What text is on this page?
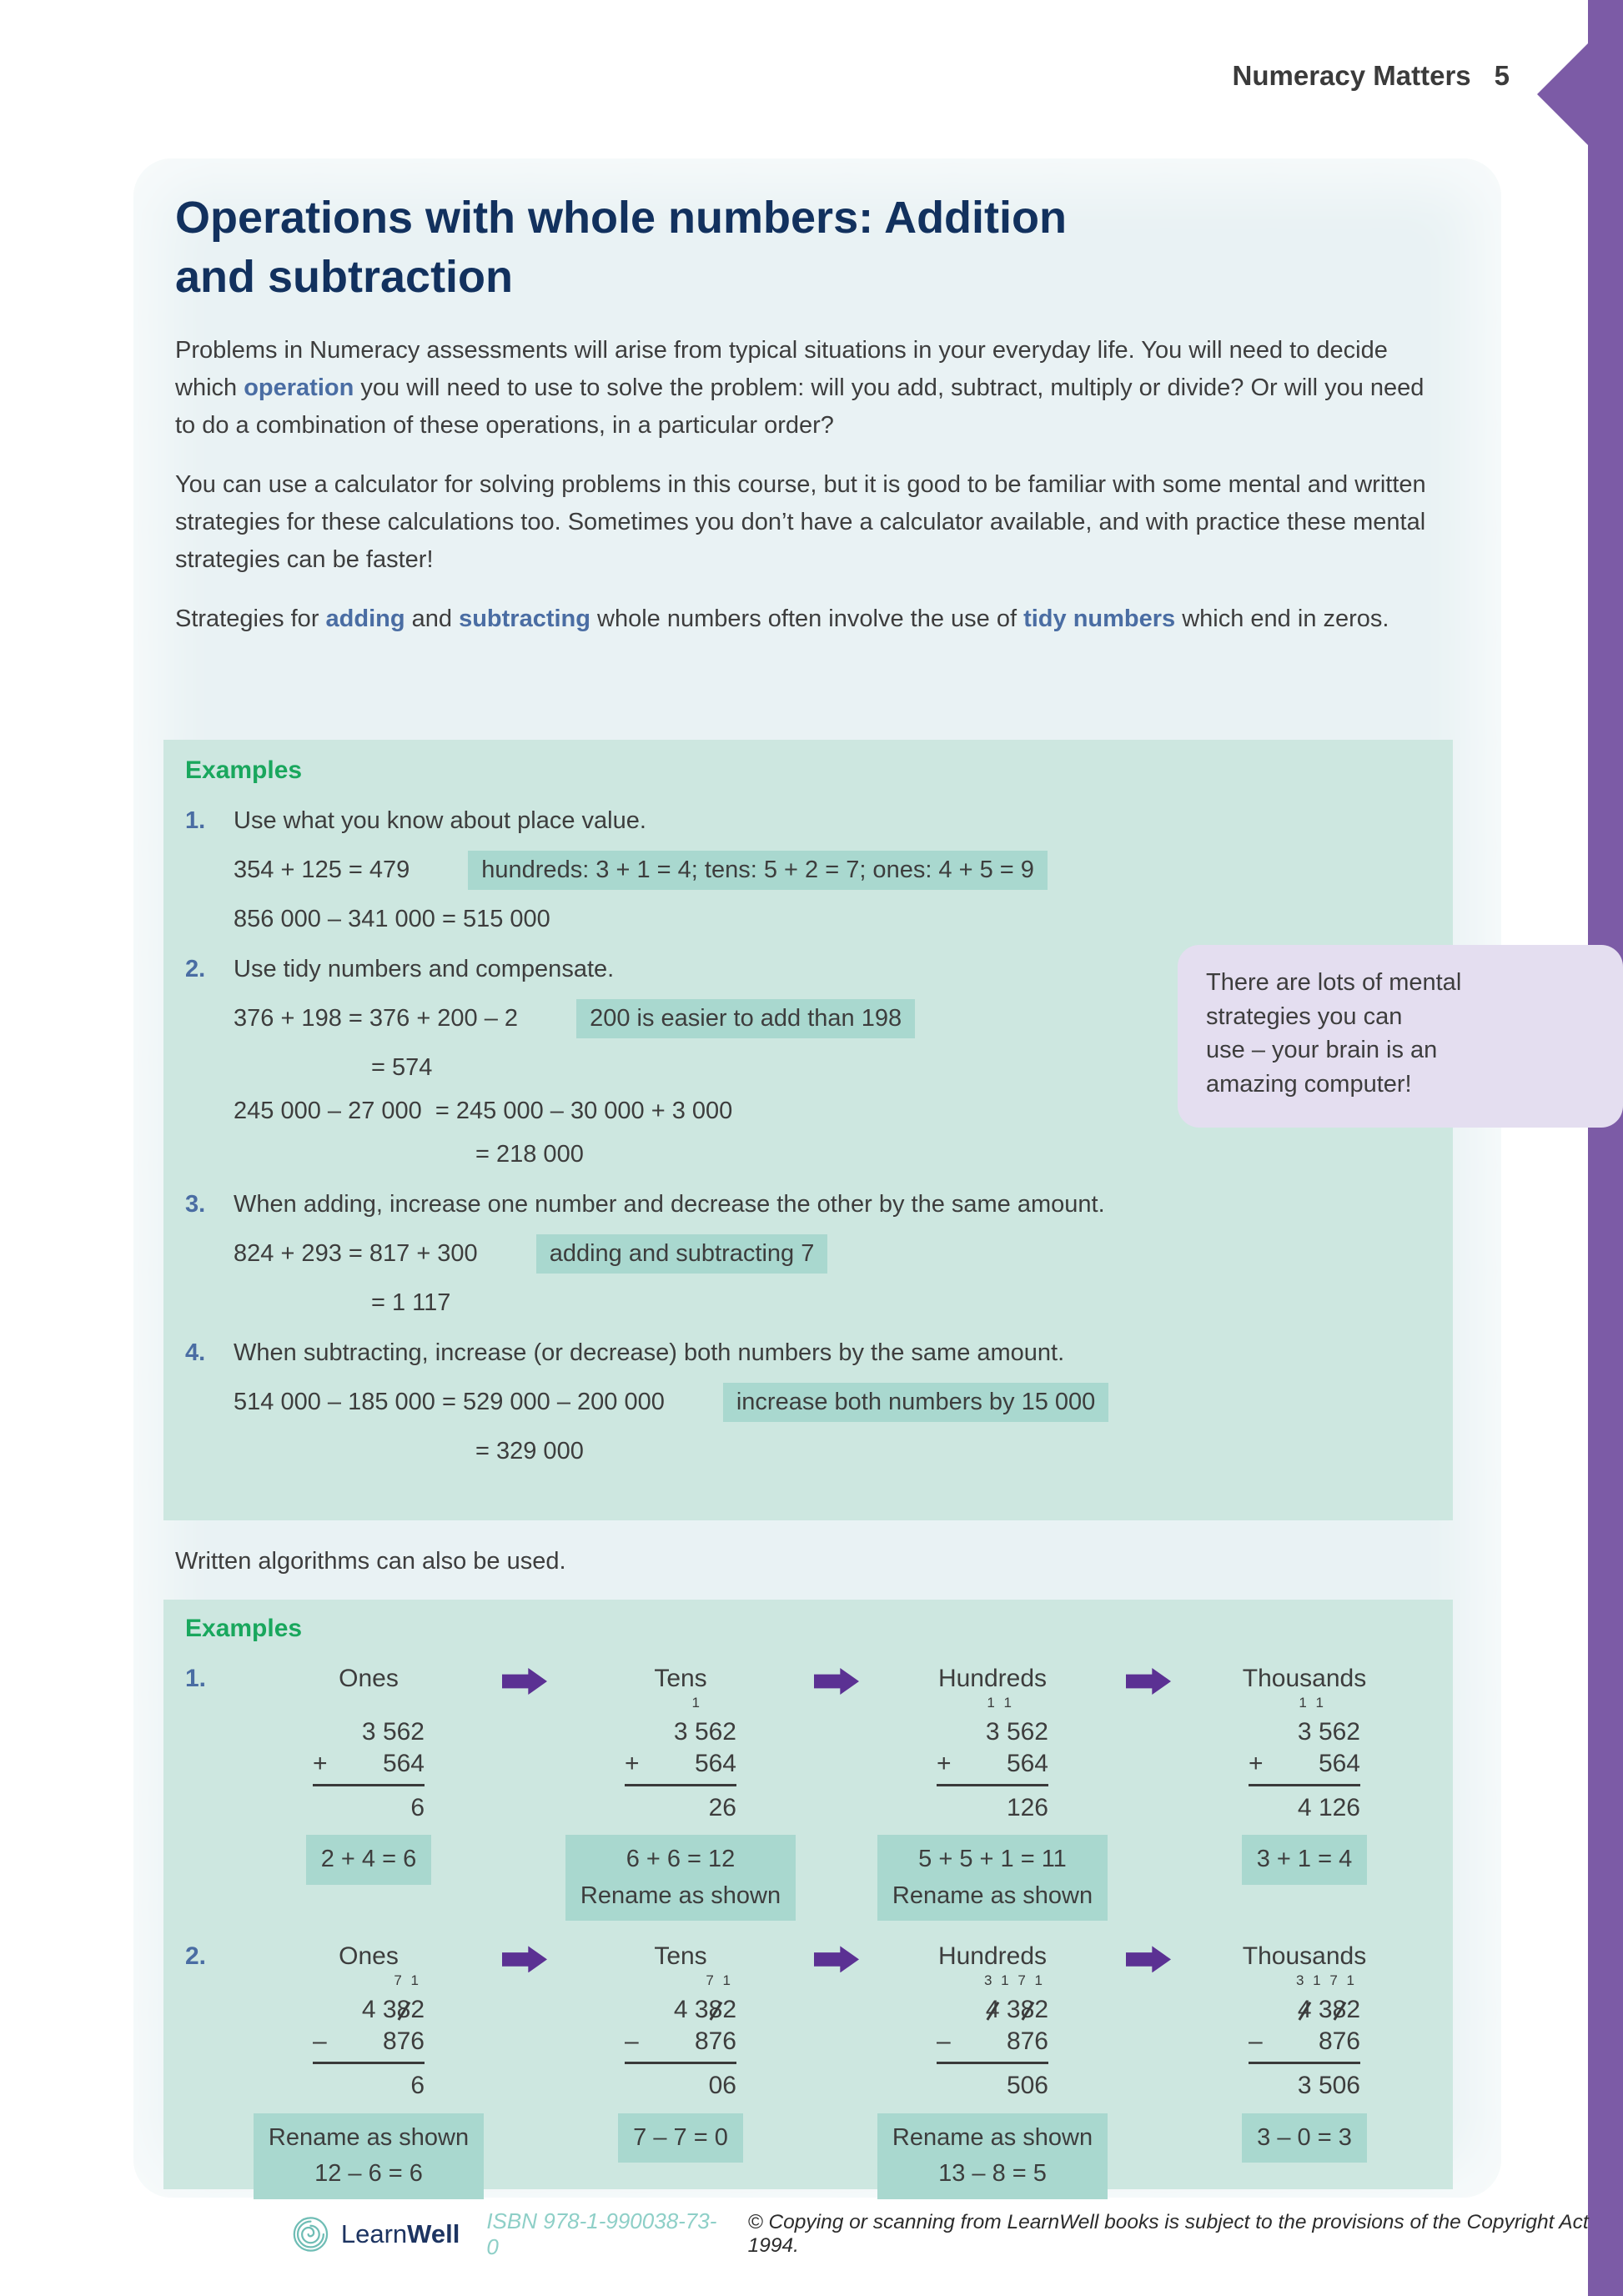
Numeracy Matters 5
Operations with whole numbers: Addition and subtraction

Problems in Numeracy assessments will arise from typical situations in your everyday life. You will need to decide which operation you will need to use to solve the problem: will you add, subtract, multiply or divide? Or will you need to do a combination of these operations, in a particular order?

You can use a calculator for solving problems in this course, but it is good to be familiar with some mental and written strategies for these calculations too. Sometimes you don’t have a calculator available, and with practice these mental strategies can be faster!

Strategies for adding and subtracting whole numbers often involve the use of tidy numbers which end in zeros.

Examples
1.	Use what you know about place value.
354 + 125 = 479	hundreds: 3 + 1 = 4; tens: 5 + 2 = 7; ones: 4 + 5 = 9
856 000 – 341 000 = 515 000
2.	Use tidy numbers and compensate.
376 + 198 = 376 + 200 – 2	200 is easier to add than 198
= 574
245 000 – 27 000  = 245 000 – 30 000 + 3 000
= 218 000
3.	When adding, increase one number and decrease the other by the same amount.
824 + 293 = 817 + 300	adding and subtracting 7
= 1 117
4.	When subtracting, increase (or decrease) both numbers by the same amount.
514 000 – 185 000 = 529 000 – 200 000	increase both numbers by 15 000
= 329 000
There are lots of mental
strategies you can
use – your brain is an
amazing computer!
Written algorithms can also be used.
Examples
1.	Ones

3 562
+ 564
6
2 + 4 = 6
Tens
1
3 562
+ 564
26
6 + 6 = 12
Rename as shown
Hundreds
1 1
3 562
+ 564
126
5 + 5 + 1 = 11
Rename as shown
Thousands
1 1
3 562
+ 564
4 126
3 + 1 = 4
2.	Ones
7 1
4 382
– 876
6
Rename as shown
12 – 6 = 6
Tens
7 1
4 382
– 876
06
7 – 7 = 0
Hundreds
3 1 7 1
4 382
– 876
506
Rename as shown
13 – 8 = 5
Thousands
3 1 7 1
4 382
– 876
3 506
3 – 0 = 3
LearnWell ISBN 978-1-990038-73-0
© Copying or scanning from LearnWell books is subject to the provisions of the Copyright Act 1994.
